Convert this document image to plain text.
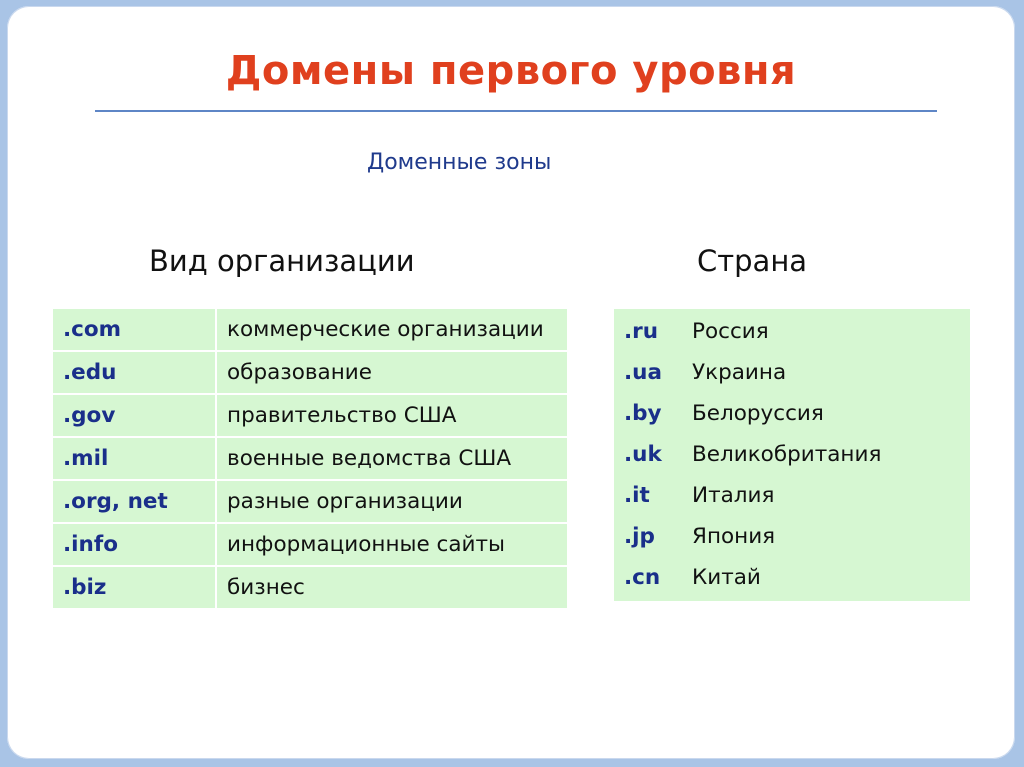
Домены первого уровня
Доменные зоны
Вид организации	Страна
.com	коммерческие организации
.edu	образование
.gov	правительство США
.mil	военные ведомства США
.org, net	разные организации
.info	информационные сайты
.biz	бизнес
.ru	Россия
.ua	Украина
.by	Белоруссия
.uk	Великобритания
.it	Италия
.jp	Япония
.cn	Китай
